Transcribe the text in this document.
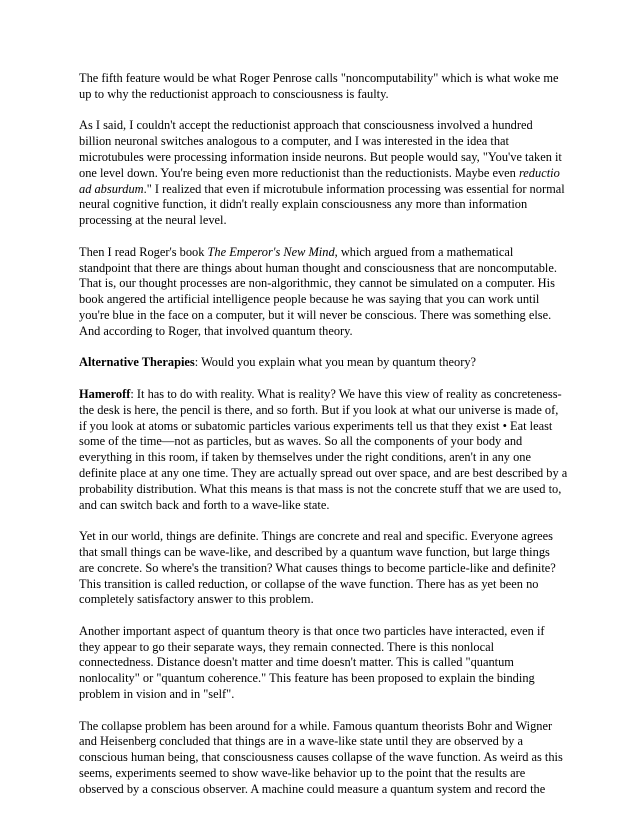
The fifth feature would be what Roger Penrose calls "noncomputability" which is what woke me up to why the reductionist approach to consciousness is faulty.

As I said, I couldn't accept the reductionist approach that consciousness involved a hundred billion neuronal switches analogous to a computer, and I was interested in the idea that microtubules were processing information inside neurons. But people would say, "You've taken it one level down. You're being even more reductionist than the reductionists. Maybe even reductio ad absurdum." I realized that even if microtubule information processing was essential for normal neural cognitive function, it didn't really explain consciousness any more than information processing at the neural level.

Then I read Roger's book The Emperor's New Mind, which argued from a mathematical standpoint that there are things about human thought and consciousness that are noncomputable. That is, our thought processes are non-algorithmic, they cannot be simulated on a computer. His book angered the artificial intelligence people because he was saying that you can work until you're blue in the face on a computer, but it will never be conscious. There was something else. And according to Roger, that involved quantum theory.

Alternative Therapies: Would you explain what you mean by quantum theory?

Hameroff: It has to do with reality. What is reality? We have this view of reality as concreteness-the desk is here, the pencil is there, and so forth. But if you look at what our universe is made of, if you look at atoms or subatomic particles various experiments tell us that they exist • Eat least some of the time—not as particles, but as waves. So all the components of your body and everything in this room, if taken by themselves under the right conditions, aren't in any one definite place at any one time. They are actually spread out over space, and are best described by a probability distribution. What this means is that mass is not the concrete stuff that we are used to, and can switch back and forth to a wave-like state.

Yet in our world, things are definite. Things are concrete and real and specific. Everyone agrees that small things can be wave-like, and described by a quantum wave function, but large things are concrete. So where's the transition? What causes things to become particle-like and definite? This transition is called reduction, or collapse of the wave function. There has as yet been no completely satisfactory answer to this problem.

Another important aspect of quantum theory is that once two particles have interacted, even if they appear to go their separate ways, they remain connected. There is this nonlocal connectedness. Distance doesn't matter and time doesn't matter. This is called "quantum nonlocality" or "quantum coherence." This feature has been proposed to explain the binding problem in vision and in "self".

The collapse problem has been around for a while. Famous quantum theorists Bohr and Wigner and Heisenberg concluded that things are in a wave-like state until they are observed by a conscious human being, that consciousness causes collapse of the wave function. As weird as this seems, experiments seemed to show wave-like behavior up to the point that the results are observed by a conscious observer. A machine could measure a quantum system and record the
